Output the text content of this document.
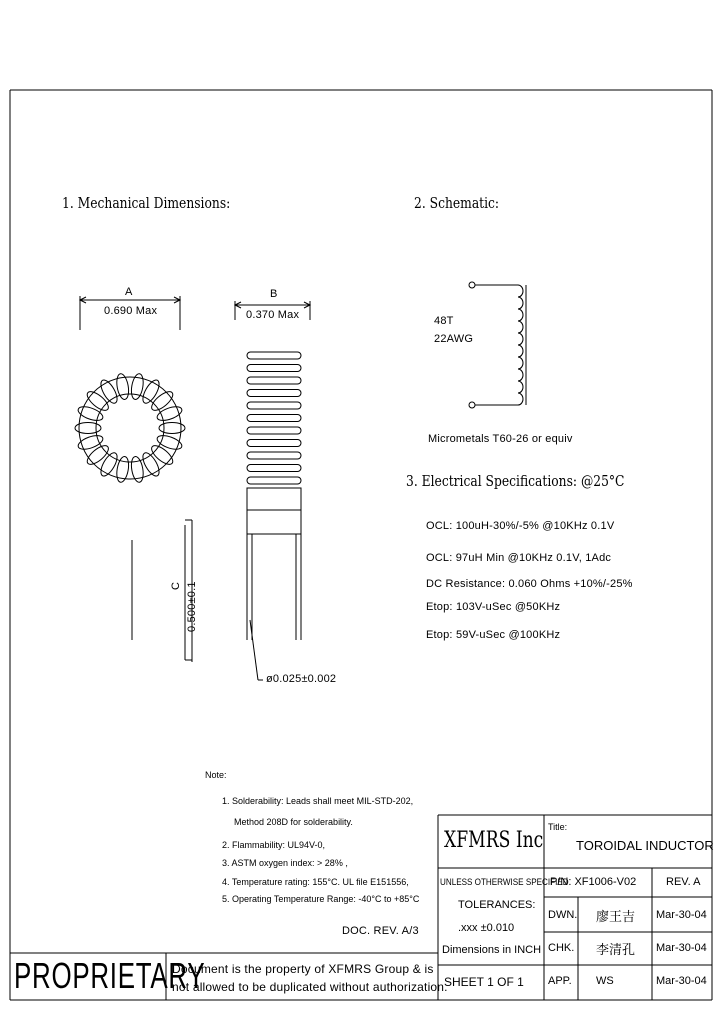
1. Mechanical Dimensions:	2. Schematic:
3. Electrical Specifications: @25°C
A
0.690 Max
B
0.370 Max
C 0.500±0.1
ø0.025±0.002
48T
22AWG
Micrometals T60-26 or equiv
OCL: 100uH-30%/-5% @10KHz 0.1V
OCL: 97uH Min @10KHz 0.1V, 1Adc
DC Resistance: 0.060 Ohms +10%/-25%
Etop: 103V-uSec @50KHz
Etop: 59V-uSec @100KHz
Note:
1. Solderability: Leads shall meet MIL-STD-202,
Method 208D for solderability.
2. Flammability: UL94V-0,
3. ASTM oxygen index: > 28% ,
4. Temperature rating: 155°C. UL file E151556,
5. Operating Temperature Range: -40°C to +85°C
DOC. REV. A/3
XFMRS Inc
Title:
TOROIDAL INDUCTOR
UNLESS OTHERWISE SPECIFIED
P/N: XF1006-V02	REV. A
TOLERANCES:
.xxx ±0.010
Dimensions in INCH
DWN. 廖王吉 Mar-30-04
CHK. 李清孔 Mar-30-04
APP. WS	Mar-30-04
SHEET 1 OF 1
PROPRIETARY
Document is the property of XFMRS Group & is
not allowed to be duplicated without authorization.
